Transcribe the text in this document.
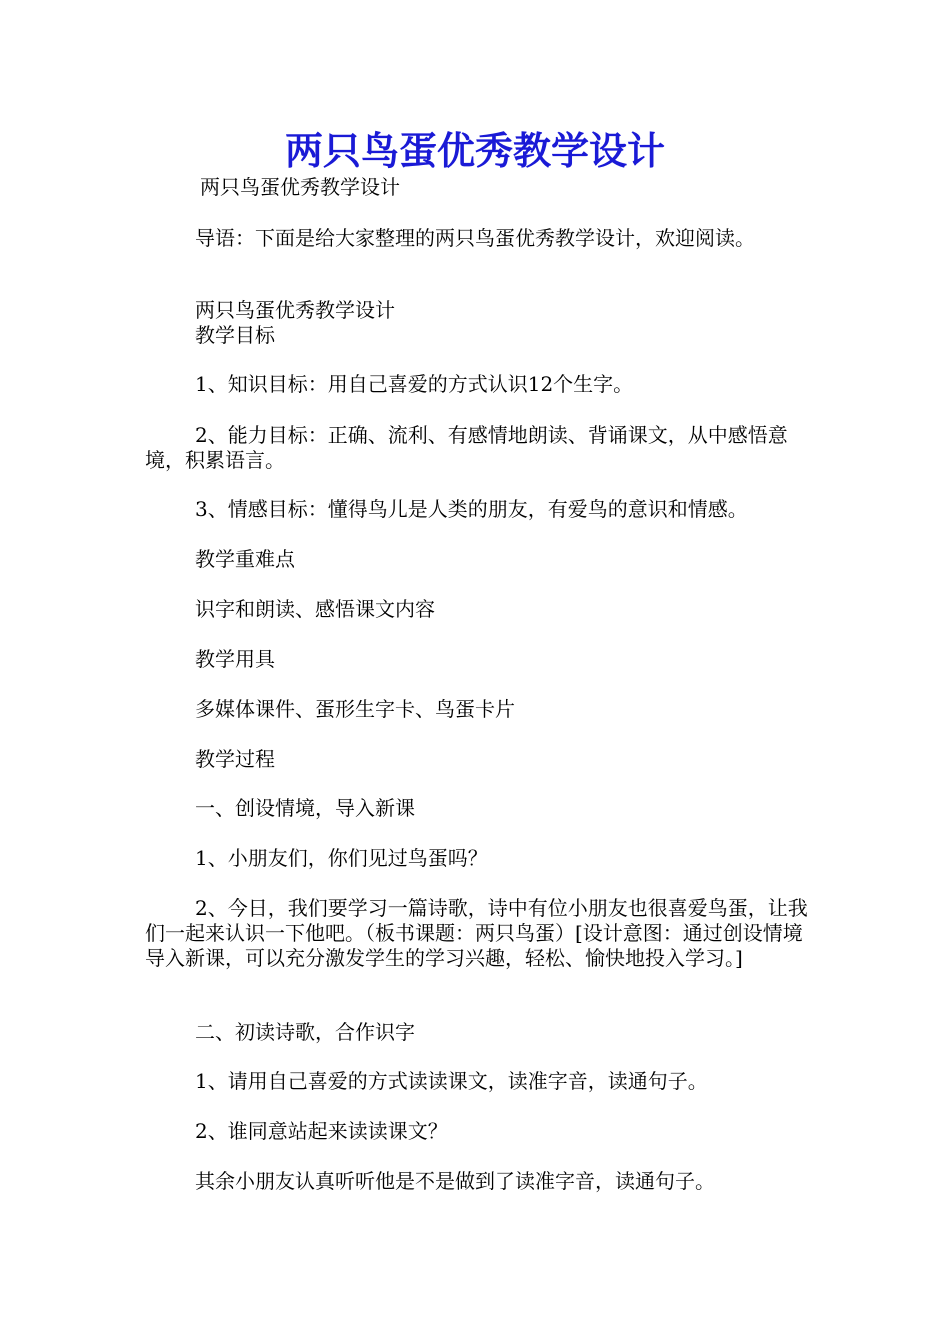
两只鸟蛋优秀教学设计
两只鸟蛋优秀教学设计
导语：下面是给大家整理的两只鸟蛋优秀教学设计，欢迎阅读。
两只鸟蛋优秀教学设计
教学目标
1、知识目标：用自己喜爱的方式认识12个生字。
2、能力目标：正确、流利、有感情地朗读、背诵课文，从中感悟意境，积累语言。
3、情感目标：懂得鸟儿是人类的朋友，有爱鸟的意识和情感。
教学重难点
识字和朗读、感悟课文内容
教学用具
多媒体课件、蛋形生字卡、鸟蛋卡片
教学过程
一、创设情境，导入新课
1、小朋友们，你们见过鸟蛋吗？
2、今日，我们要学习一篇诗歌，诗中有位小朋友也很喜爱鸟蛋，让我们一起来认识一下他吧。（板书课题：两只鸟蛋）[设计意图：通过创设情境导入新课，可以充分激发学生的学习兴趣，轻松、愉快地投入学习。]
二、初读诗歌，合作识字
1、请用自己喜爱的方式读读课文，读准字音，读通句子。
2、谁同意站起来读读课文？
其余小朋友认真听听他是不是做到了读准字音，读通句子。
